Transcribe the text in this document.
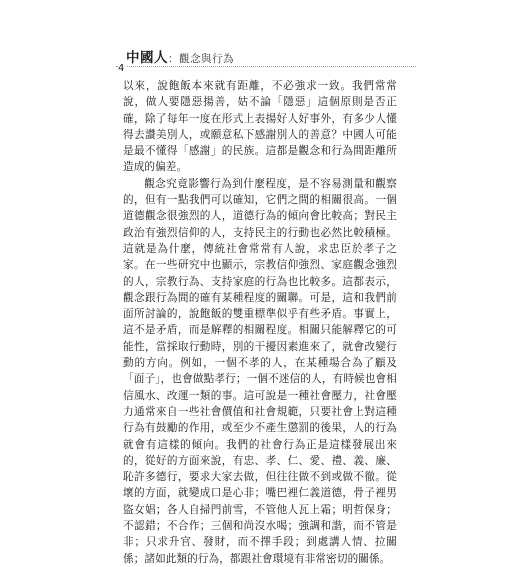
中國人 ： 觀念與行為
4

以來，說飽飯本來就有距離，不必強求一致。我們常常說，做人要隱惡揚善，姑不論「隱惡」這個原則是否正確，除了每年一度在形式上表揚好人好事外，有多少人懂得去讚美別人，或願意私下感謝別人的善意？中國人可能是最不懂得「感謝」的民族。這都是觀念和行為間距離所造成的偏差。

觀念究竟影響行為到什麼程度，是不容易測量和觀察的，但有一點我們可以確知，它們之間的相關很高。一個道德觀念很強烈的人，道德行為的傾向會比較高；對民主政治有強烈信仰的人，支持民主的行動也必然比較積極。這就是為什麼，傳統社會常常有人說，求忠臣於孝子之家。在一些研究中也顯示，宗教信仰強烈、家庭觀念強烈的人，宗教行為、支持家庭的行為也比較多。這都表示，觀念跟行為間的確有某種程度的關聯。可是，這和我們前面所討論的，說飽飯的雙重標準似乎有些矛盾。事實上，這不是矛盾，而是解釋的相關程度。相關只能解釋它的可能性，當採取行動時，別的干擾因素進來了，就會改變行動的方向。例如，一個不孝的人，在某種場合為了顧及「面子」，也會做點孝行；一個不迷信的人，有時候也會相信風水、改運一類的事。這可說是一種社會壓力，社會壓力通常來自一些社會價值和社會規範，只要社會上對這種行為有鼓勵的作用，或至少不產生懲罰的後果，人的行為就會有這樣的傾向。我們的社會行為正是這樣發展出來的，從好的方面來說，有忠、孝、仁、愛、禮、義、廉、恥許多德行，要求大家去做，但往往做不到或做不徹。從壞的方面，就變成口是心非；嘴巴裡仁義道德，骨子裡男盜女娼；各人自掃門前雪，不管他人瓦上霜；明哲保身；不認錯；不合作；三個和尚沒水喝；強調和諧，而不管是非；只求升官、發財，而不擇手段；到處講人情、拉關係；諸如此類的行為，都跟社會環境有非常密切的關係。
